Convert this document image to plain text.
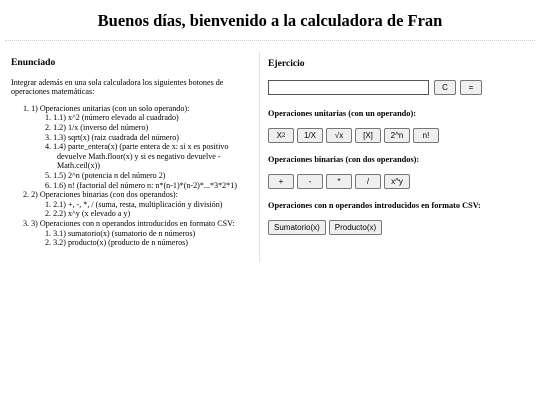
Buenos días, bienvenido a la calculadora de Fran
Enunciado

Integrar además en una sola calculadora los siguientes botones de operaciones matemáticas:

1. 1) Operaciones unitarias (con un solo operando):
1. 1.1) x^2 (número elevado al cuadrado)
2. 1.2) 1/x (inverso del número)
3. 1.3) sqrt(x) (raiz cuadrada del número)
4. 1.4) parte_entera(x) (parte entera de x: si x es positivo
devuelve Math.floor(x) y si es negativo devuelve -
Math.ceil(x))
5. 1.5) 2^n (potencia n del número 2)
6. 1.6) n! (factorial del número n: n*(n-1)*(n-2)*...*3*2*1)
2. 2) Operaciones binarias (con dos operandos):
1. 2.1) +, -, *, / (suma, resta, multiplicación y división)
2. 2.2) x^y (x elevado a y)
3. 3) Operaciones con n operandos introducidos en formato CSV:
1. 3.1) sumatorio(x) (sumatorio de n números)
2. 3.2) producto(x) (producto de n números)
Ejercicio
C	=
Operaciones unitarias (con un operando):
X 2	1/X	√x	[X]	2^n	n!
Operaciones binarias (con dos operandos):
+	-	*	/	x^y
Operaciones con n operandos introducidos en formato CSV:
Sumatorio(x)	Producto(x)
